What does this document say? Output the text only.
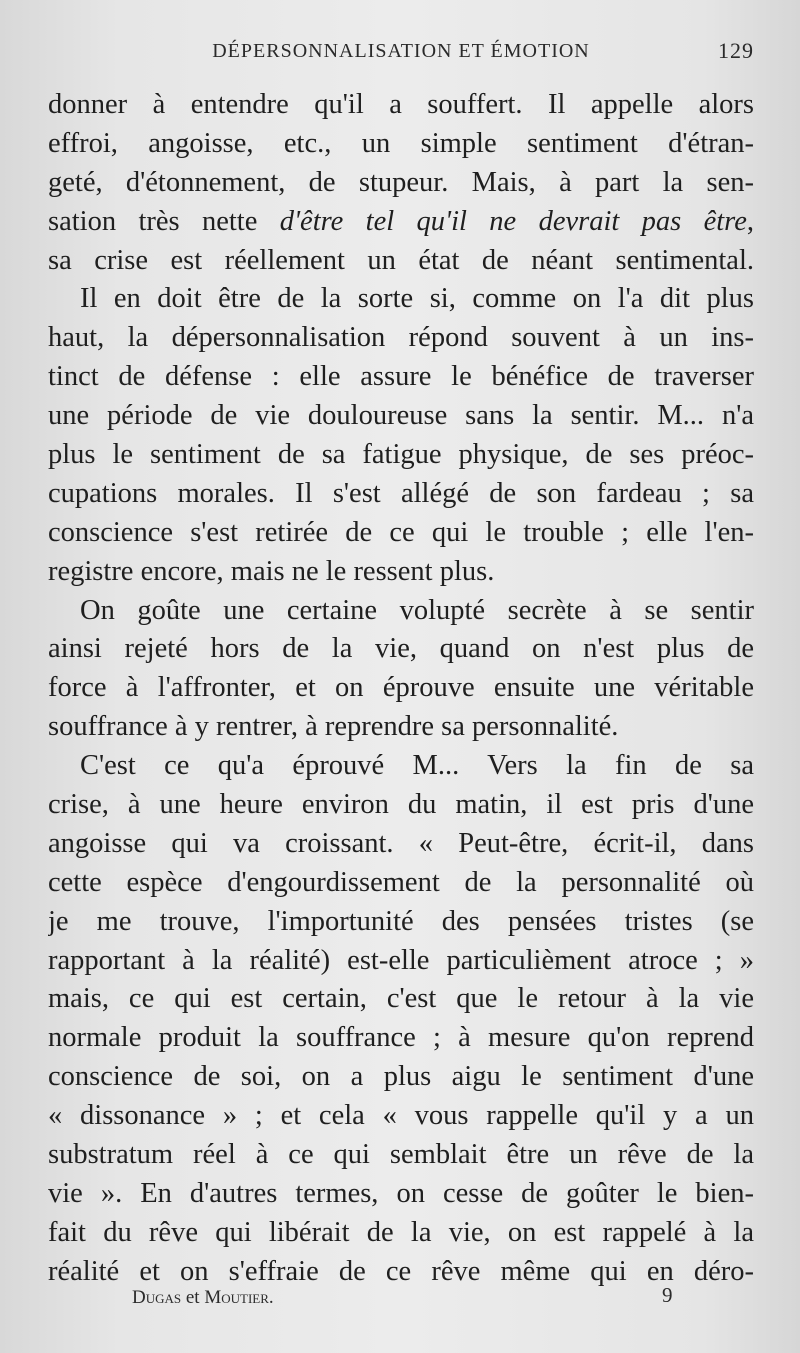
DÉPERSONNALISATION ET ÉMOTION	129
donner à entendre qu'il a souffert. Il appelle alors
effroi, angoisse, etc., un simple sentiment d'étran-
geté, d'étonnement, de stupeur. Mais, à part la sen-
sation très nette d'être tel qu'il ne devrait pas être,
sa crise est réellement un état de néant sentimental.
Il en doit être de la sorte si, comme on l'a dit plus
haut, la dépersonnalisation répond souvent à un ins-
tinct de défense : elle assure le bénéfice de traverser
une période de vie douloureuse sans la sentir. M... n'a
plus le sentiment de sa fatigue physique, de ses préoc-
cupations morales. Il s'est allégé de son fardeau ; sa
conscience s'est retirée de ce qui le trouble ; elle l'en-
registre encore, mais ne le ressent plus.
On goûte une certaine volupté secrète à se sentir
ainsi rejeté hors de la vie, quand on n'est plus de
force à l'affronter, et on éprouve ensuite une véritable
souffrance à y rentrer, à reprendre sa personnalité.
C'est ce qu'a éprouvé M... Vers la fin de sa
crise, à une heure environ du matin, il est pris d'une
angoisse qui va croissant. « Peut-être, écrit-il, dans
cette espèce d'engourdissement de la personnalité où
je me trouve, l'importunité des pensées tristes (se
rapportant à la réalité) est-elle particulièment atroce ; »
mais, ce qui est certain, c'est que le retour à la vie
normale produit la souffrance ; à mesure qu'on reprend
conscience de soi, on a plus aigu le sentiment d'une
« dissonance » ; et cela « vous rappelle qu'il y a un
substratum réel à ce qui semblait être un rêve de la
vie ». En d'autres termes, on cesse de goûter le bien-
fait du rêve qui libérait de la vie, on est rappelé à la
réalité et on s'effraie de ce rêve même qui en déro-
Dugas et Moutier.	9
